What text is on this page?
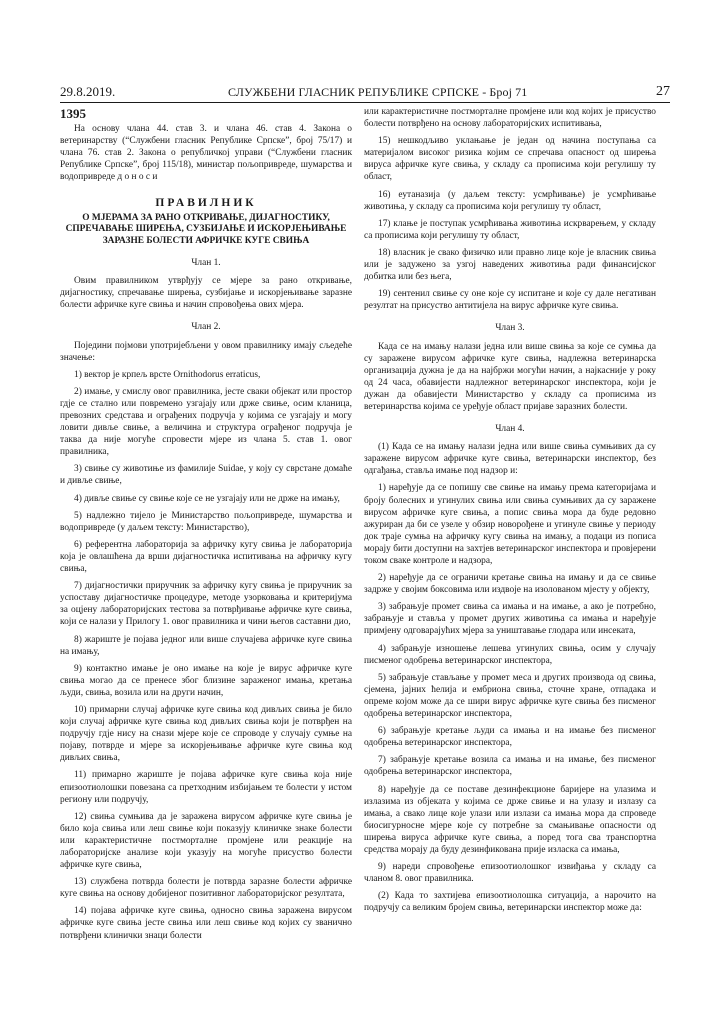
29.8.2019.	СЛУЖБЕНИ ГЛАСНИК РЕПУБЛИКЕ СРПСКЕ - Број 71	27

1395

На основу члана 44. став 3. и члана 46. став 4. Закона о ветеринарству (“Службени гласник Републике Српске”, број 75/17) и члана 76. став 2. Закона о републичкој управи (“Службени гласник Републике Српске”, број 115/18), министар пољопривреде, шумарства и водопривреде д о н о с и

ПРАВИЛНИК

О МЈЕРАМА ЗА РАНО ОТКРИВАЊЕ, ДИЈАГНОСТИКУ, СПРЕЧАВАЊЕ ШИРЕЊА, СУЗБИЈАЊЕ И ИСКОРЈЕЊИВАЊЕ ЗАРАЗНЕ БОЛЕСТИ АФРИЧКЕ КУГЕ СВИЊА

Члан 1.

Овим правилником утврђују се мјере за рано откривање, дијагностику, спречавање ширења, сузбијање и искорјењивање заразне болести афричке куге свиња и начин спровођења ових мјера.

Члан 2.

Поједини појмови употријебљени у овом правилнику имају сљедеће значење:

1) вектор је крпељ врсте Ornithodorus erraticus,

2) имање, у смислу овог правилника, јесте сваки објекат или простор гдје се стално или повремено узгајају или држе свиње, осим кланица, превозних средстава и ограђених подручја у којима се узгајају и могу ловити дивље свиње, а величина и структура ограђеног подручја је таква да није могуће спровести мјере из члана 5. став 1. овог правилника,

3) свиње су животиње из фамилије Suidae, у коју су сврстане домаће и дивље свиње,

4) дивље свиње су свиње које се не узгајају или не држе на имању,

5) надлежно тијело је Министарство пољопривреде, шумарства и водопривреде (у даљем тексту: Министарство),

6) референтна лабораторија за афричку кугу свиња је лабораторија која је овлашћена да врши дијагностичка испитивања на афричку кугу свиња,

7) дијагностички приручник за афричку кугу свиња је приручник за успоставу дијагностичке процедуре, методе узорковања и критеријума за оцјену лабораторијских тестова за потврђивање афричке куге свиња, који се налази у Прилогу 1. овог правилника и чини његов саставни дио,

8) жариште је појава једног или више случајева афричке куге свиња на имању,

9) контактно имање је оно имање на које је вирус афричке куге свиња могао да се пренесе због близине зараженог имања, кретања људи, свиња, возила или на други начин,

10) примарни случај афричке куге свиња код дивљих свиња је било који случај афричке куге свиња код дивљих свиња који је потврђен на подручју гдје нису на снази мјере које се спроводе у случају сумње на појаву, потврде и мјере за искорјењивање афричке куге свиња код дивљих свиња,

11) примарно жариште је појава афричке куге свиња која није епизоотиолошки повезана са претходним избијањем те болести у истом региону или подручју,

12) свиња сумњива да је заражена вирусом афричке куге свиња је било која свиња или леш свиње који показују клиничке знаке болести или карактеристичне постморталне промјене или реакције на лабораторијске анализе који указују на могуће присуство болести афричке куге свиња,

13) службена потврда болести је потврда заразне болести афричке куге свиња на основу добијеног позитивног лабораторијског резултата,

14) појава афричке куге свиња, односно свиња заражена вирусом афричке куге свиња јесте свиња или леш свиње код којих су званично потврђени клинички знаци болести

или карактеристичне постморталне промјене или код којих је присуство болести потврђено на основу лабораторијских испитивања,

15) нешкодљиво уклањање је један од начина поступања са материјалом високог ризика којим се спречава опасност од ширења вируса афричке куге свиња, у складу са прописима који регулишу ту област,

16) еутаназија (у даљем тексту: усмрћивање) је усмрћивање животиња, у складу са прописима који регулишу ту област,

17) клање је поступак усмрћивања животиња искрварењем, у складу са прописима који регулишу ту област,

18) власник је свако физичко или правно лице које је власник свиња или је задужено за узгој наведених животиња ради финансијског добитка или без њега,

19) сентенил свиње су оне које су испитане и које су дале негативан резултат на присуство антитијела на вирус афричке куге свиња.

Члан 3.

Када се на имању налази једна или више свиња за које се сумња да су заражене вирусом афричке куге свиња, надлежна ветеринарска организација дужна је да на најбржи могући начин, а најкасније у року од 24 часа, обавијести надлежног ветеринарског инспектора, који је дужан да обавијести Министарство у складу са прописима из ветеринарства којима се уређује област пријаве заразних болести.

Члан 4.

(1) Када се на имању налази једна или више свиња сумњивих да су заражене вирусом афричке куге свиња, ветеринарски инспектор, без одгађања, ставља имање под надзор и:

1) наређује да се попишу све свиње на имању према категоријама и броју болесних и угинулих свиња или свиња сумњивих да су заражене вирусом афричке куге свиња, а попис свиња мора да буде редовно ажуриран да би се узеле у обзир новорођене и угинуле свиње у периоду док траје сумња на афричку кугу свиња на имању, а подаци из пописа морају бити доступни на захтјев ветеринарског инспектора и провјерени током сваке контроле и надзора,

2) наређује да се ограничи кретање свиња на имању и да се свиње задрже у својим боксовима или издвоје на изолованом мјесту у објекту,

3) забрањује промет свиња са имања и на имање, а ако је потребно, забрањује и ставља у промет других животиња са имања и наређује примјену одговарајућих мјера за уништавање глодара или инсеката,

4) забрањује изношење лешева угинулих свиња, осим у случају писменог одобрења ветеринарског инспектора,

5) забрањује стављање у промет меса и других производа од свиња, сјемена, јајних ћелија и ембриона свиња, сточне хране, отпадака и опреме којом може да се шири вирус афричке куге свиња без писменог одобрења ветеринарског инспектора,

6) забрањује кретање људи са имања и на имање без писменог одобрења ветеринарског инспектора,

7) забрањује кретање возила са имања и на имање, без писменог одобрења ветеринарског инспектора,

8) наређује да се поставе дезинфекционе баријере на улазима и излазима из објеката у којима се држе свиње и на улазу и излазу са имања, а свако лице које улази или излази са имања мора да спроведе биосигурносне мјере које су потребне за смањивање опасности од ширења вируса афричке куге свиња, а поред тога сва транспортна средства морају да буду дезинфикована прије изласка са имања,

9) нареди спровођење епизоотиолошког извиђања у складу са чланом 8. овог правилника.

(2) Када то захтијева епизоотиолошка ситуација, а нарочито на подручју са великим бројем свиња, ветеринарски инспектор може да:
